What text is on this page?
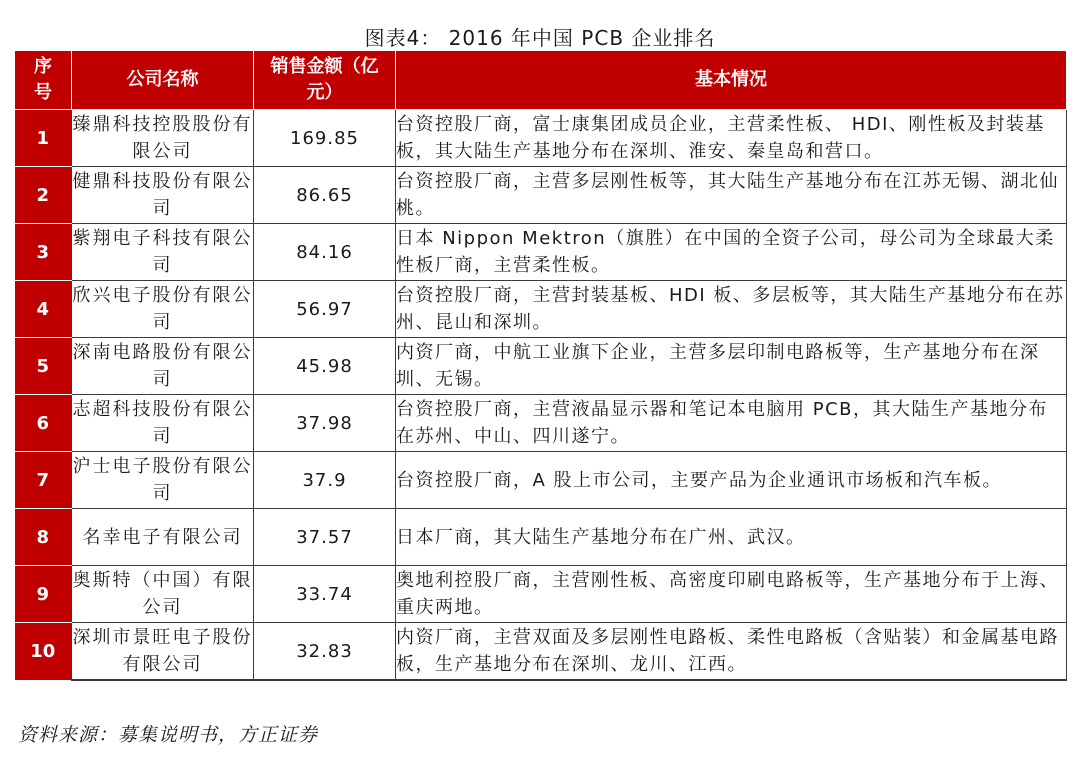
图表4： 2016 年中国 PCB 企业排名
序号	公司名称	销售金额（亿元）	基本情况
1	臻鼎科技控股股份有限公司	169.85	台资控股厂商，富士康集团成员企业，主营柔性板、 HDI、刚性板及封装基板，其大陆生产基地分布在深圳、淮安、秦皇岛和营口。
2	健鼎科技股份有限公司	86.65	台资控股厂商，主营多层刚性板等，其大陆生产基地分布在江苏无锡、湖北仙桃。
3	紫翔电子科技有限公司	84.16	日本 Nippon Mektron（旗胜）在中国的全资子公司，母公司为全球最大柔性板厂商，主营柔性板。
4	欣兴电子股份有限公司	56.97	台资控股厂商，主营封装基板、HDI 板、多层板等，其大陆生产基地分布在苏州、昆山和深圳。
5	深南电路股份有限公司	45.98	内资厂商，中航工业旗下企业，主营多层印制电路板等，生产基地分布在深圳、无锡。
6	志超科技股份有限公司	37.98	台资控股厂商，主营液晶显示器和笔记本电脑用 PCB，其大陆生产基地分布在苏州、中山、四川遂宁。
7	沪士电子股份有限公司	37.9	台资控股厂商，A 股上市公司，主要产品为企业通讯市场板和汽车板。
8	名幸电子有限公司	37.57	日本厂商，其大陆生产基地分布在广州、武汉。
9	奥斯特（中国）有限公司	33.74	奥地利控股厂商，主营刚性板、高密度印刷电路板等，生产基地分布于上海、重庆两地。
10	深圳市景旺电子股份有限公司	32.83	内资厂商，主营双面及多层刚性电路板、柔性电路板（含贴装）和金属基电路板，生产基地分布在深圳、龙川、江西。
资料来源：募集说明书，方正证券
